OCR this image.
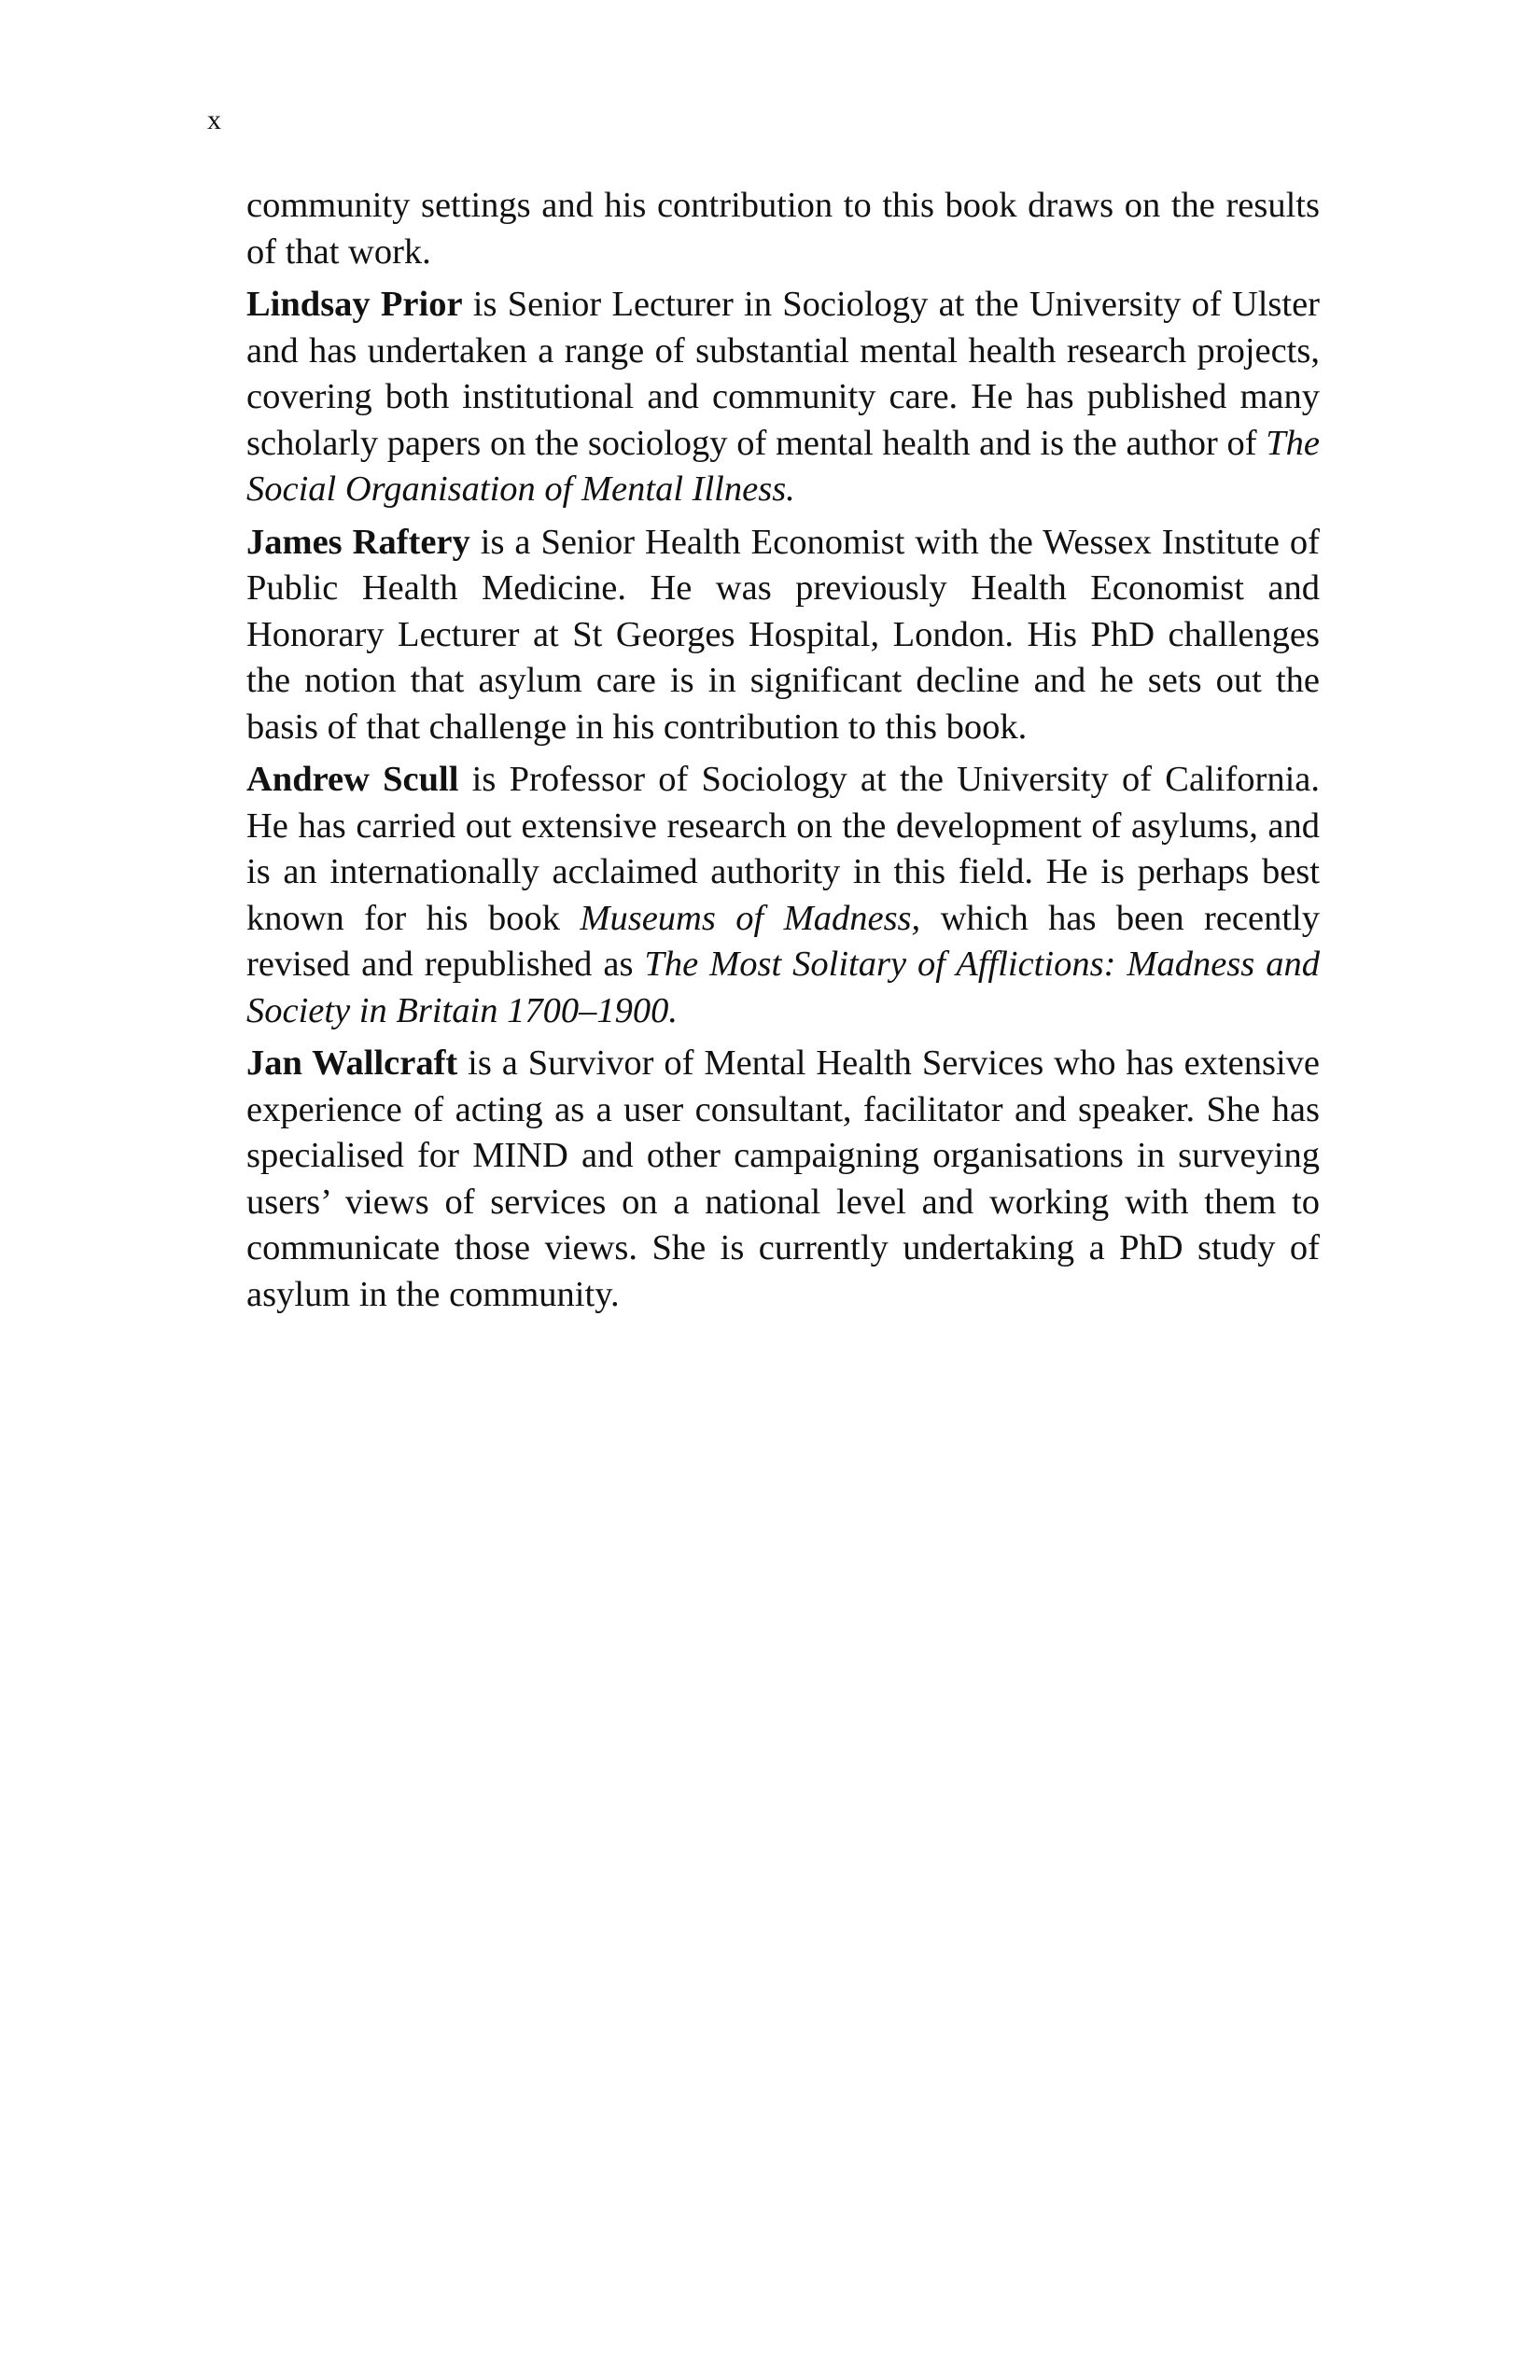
x

community settings and his contribution to this book draws on the results of that work.

Lindsay Prior is Senior Lecturer in Sociology at the University of Ulster and has undertaken a range of substantial mental health research projects, covering both institutional and community care. He has published many scholarly papers on the sociology of mental health and is the author of The Social Organisation of Mental Illness.

James Raftery is a Senior Health Economist with the Wessex Institute of Public Health Medicine. He was previously Health Economist and Honorary Lecturer at St Georges Hospital, London. His PhD challenges the notion that asylum care is in significant decline and he sets out the basis of that challenge in his contribution to this book.

Andrew Scull is Professor of Sociology at the University of California. He has carried out extensive research on the development of asylums, and is an internationally acclaimed authority in this field. He is perhaps best known for his book Museums of Madness, which has been recently revised and republished as The Most Solitary of Afflictions: Madness and Society in Britain 1700–1900.

Jan Wallcraft is a Survivor of Mental Health Services who has extensive experience of acting as a user consultant, facilitator and speaker. She has specialised for MIND and other campaigning organisations in surveying users’ views of services on a national level and working with them to communicate those views. She is currently undertaking a PhD study of asylum in the community.
